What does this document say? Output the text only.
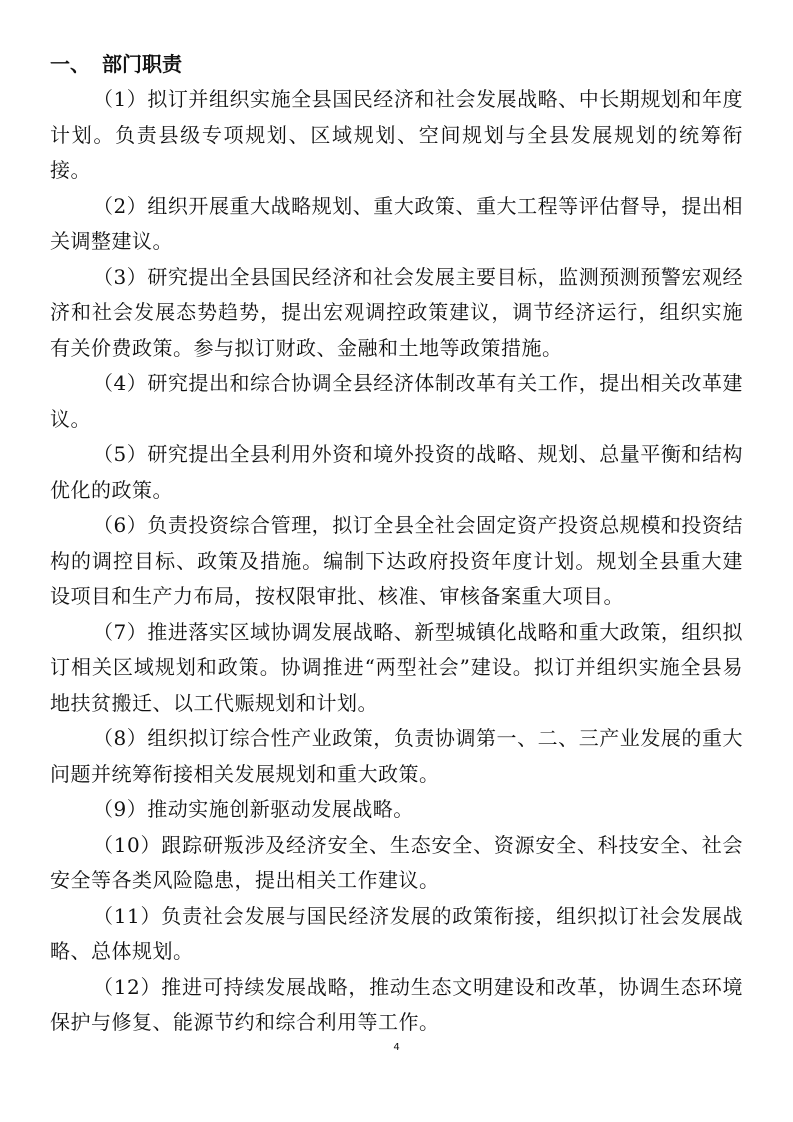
一、 部门职责

（1）拟订并组织实施全县国民经济和社会发展战略、中长期规划和年度计划。负责县级专项规划、区域规划、空间规划与全县发展规划的统筹衔接。

（2）组织开展重大战略规划、重大政策、重大工程等评估督导，提出相关调整建议。

（3）研究提出全县国民经济和社会发展主要目标，监测预测预警宏观经济和社会发展态势趋势，提出宏观调控政策建议，调节经济运行，组织实施有关价费政策。参与拟订财政、金融和土地等政策措施。

（4）研究提出和综合协调全县经济体制改革有关工作，提出相关改革建议。

（5）研究提出全县利用外资和境外投资的战略、规划、总量平衡和结构优化的政策。

（6）负责投资综合管理，拟订全县全社会固定资产投资总规模和投资结构的调控目标、政策及措施。编制下达政府投资年度计划。规划全县重大建设项目和生产力布局，按权限审批、核准、审核备案重大项目。

（7）推进落实区域协调发展战略、新型城镇化战略和重大政策，组织拟订相关区域规划和政策。协调推进“两型社会”建设。拟订并组织实施全县易地扶贫搬迁、以工代赈规划和计划。

（8）组织拟订综合性产业政策，负责协调第一、二、三产业发展的重大问题并统筹衔接相关发展规划和重大政策。

（9）推动实施创新驱动发展战略。

（10）跟踪研叛涉及经济安全、生态安全、资源安全、科技安全、社会安全等各类风险隐患，提出相关工作建议。

（11）负责社会发展与国民经济发展的政策衔接，组织拟订社会发展战略、总体规划。

（12）推进可持续发展战略，推动生态文明建设和改革，协调生态环境保护与修复、能源节约和综合利用等工作。

4
